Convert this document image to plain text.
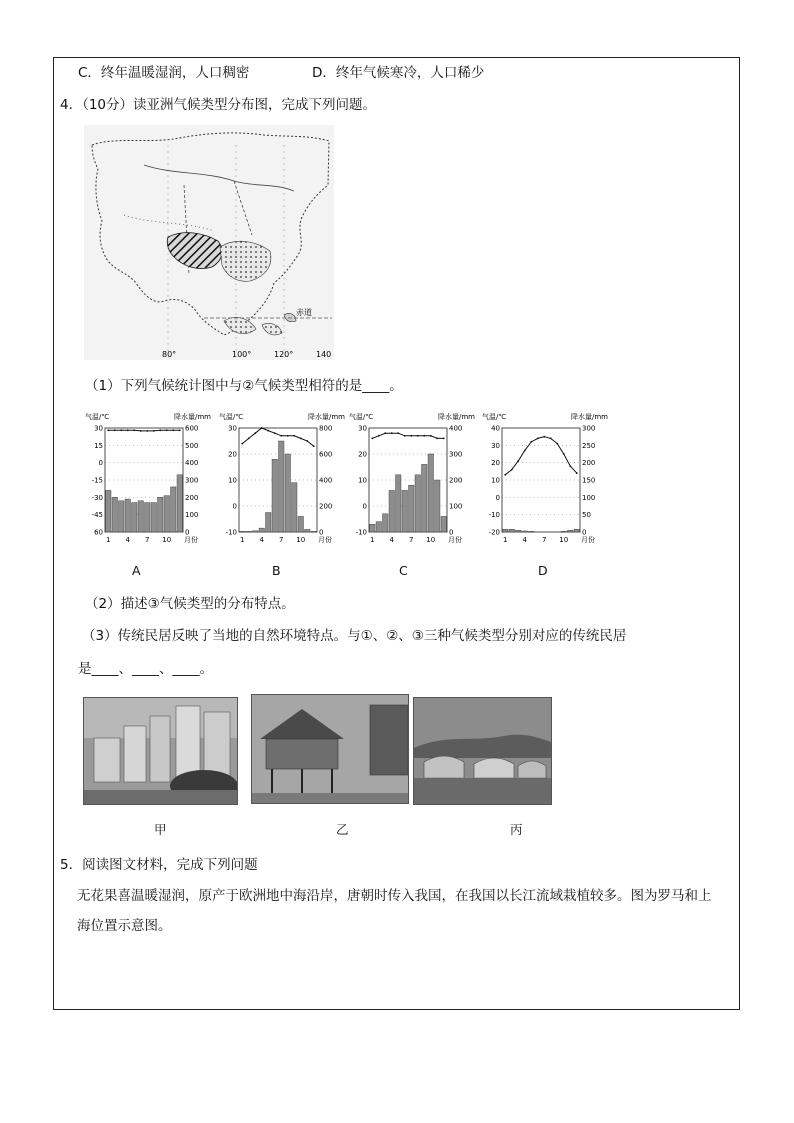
C．终年温暖湿润，人口稠密	D．终年气候寒冷，人口稀少
4．（10分）读亚洲气候类型分布图，完成下列问题。
赤道
80°	100°	120°	140
（1）下列气候统计图中与②气候类型相符的是____。
气温/℃	降水量/mm
30
15
0
-15
-30
-45
60
600
500
400
300
200
100
0
1 4 7 10 月份
气温/℃	降水量/mm
30
20
10
0
-10
800
600
400
200
0
1 4 7 10 月份
气温/℃	降水量/mm
30
20
10
0
-10
400
300
200
100
0
1 4 7 10 月份
气温/℃	降水量/mm
40
30
20
10
0
-10
-20
300
250
200
150
100
50
0
1 4 7 10 月份
A	B	C	D
（2）描述③气候类型的分布特点。
（3）传统民居反映了当地的自然环境特点。与①、②、③三种气候类型分别对应的传统民居
是____、____、____。
甲	乙	丙
5．阅读图文材料，完成下列问题
无花果喜温暖湿润，原产于欧洲地中海沿岸，唐朝时传入我国，在我国以长江流域栽植较多。图为罗马和上
海位置示意图。
